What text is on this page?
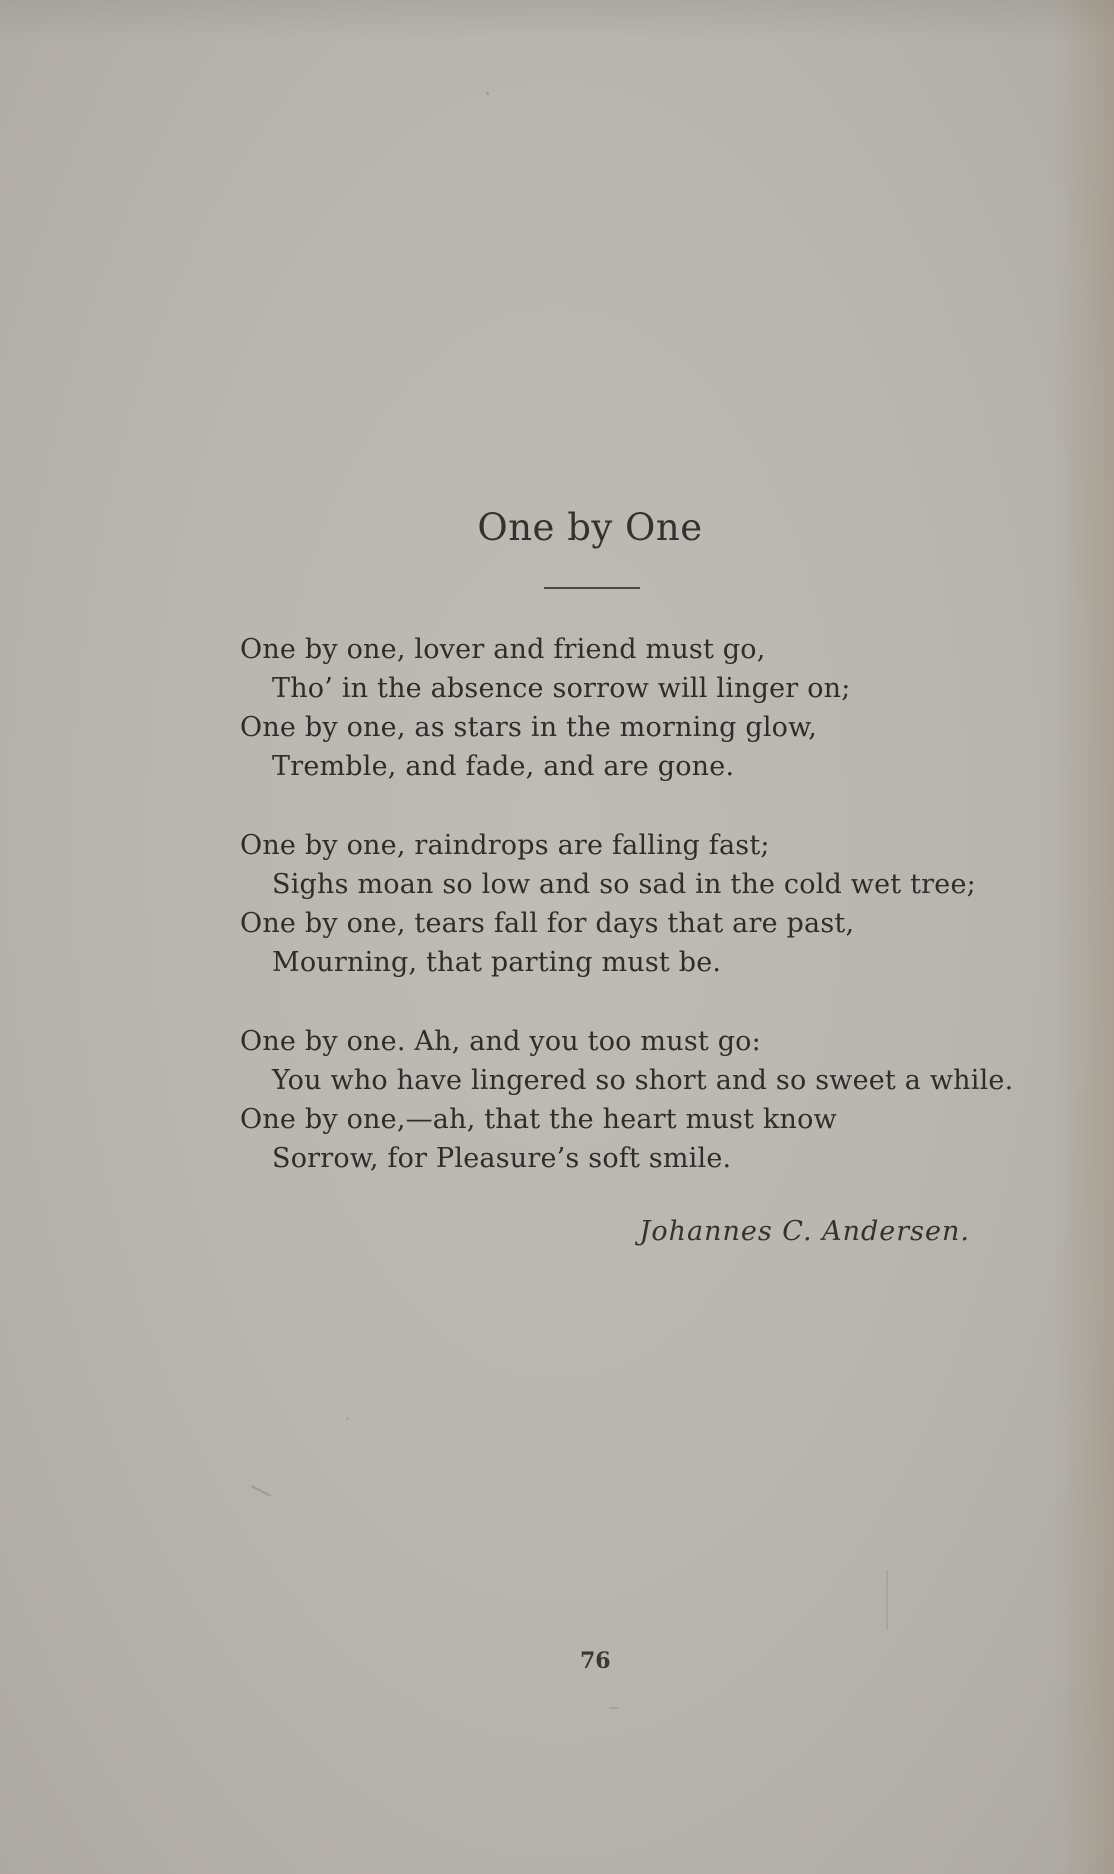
One by One
One by one, lover and friend must go,
Tho’ in the absence sorrow will linger on;
One by one, as stars in the morning glow,
Tremble, and fade, and are gone.
One by one, raindrops are falling fast;
Sighs moan so low and so sad in the cold wet tree;
One by one, tears fall for days that are past,
Mourning, that parting must be.
One by one. Ah, and you too must go:
You who have lingered so short and so sweet a while.
One by one,—ah, that the heart must know
Sorrow, for Pleasure’s soft smile.
Johannes C. Andersen.
76
